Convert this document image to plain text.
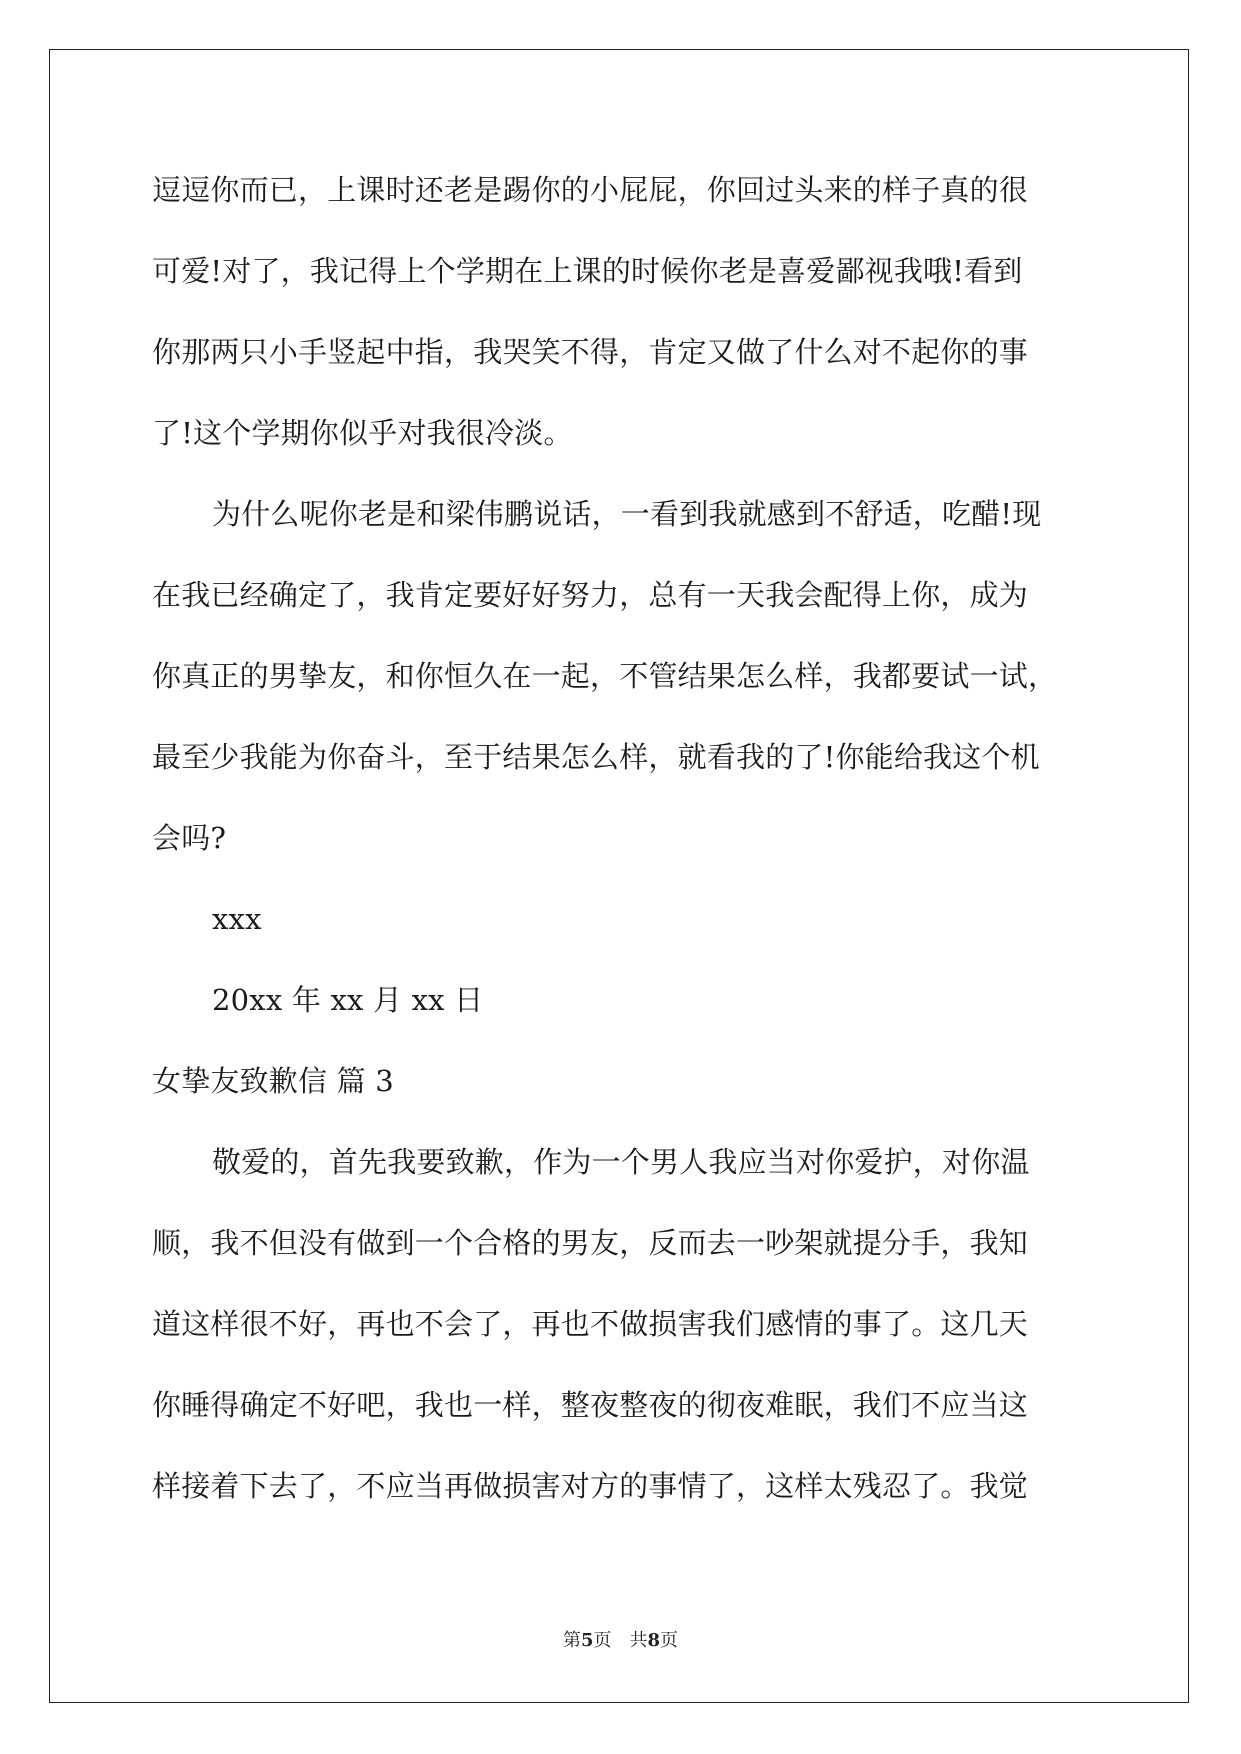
逗逗你而已，上课时还老是踢你的小屁屁，你回过头来的样子真的很
可爱!对了，我记得上个学期在上课的时候你老是喜爱鄙视我哦!看到
你那两只小手竖起中指，我哭笑不得，肯定又做了什么对不起你的事
了!这个学期你似乎对我很冷淡。
为什么呢你老是和梁伟鹏说话，一看到我就感到不舒适，吃醋!现
在我已经确定了，我肯定要好好努力，总有一天我会配得上你，成为
你真正的男挚友，和你恒久在一起，不管结果怎么样，我都要试一试，
最至少我能为你奋斗，至于结果怎么样，就看我的了!你能给我这个机
会吗?
xxx
20xx 年 xx 月 xx 日
女挚友致歉信 篇 3
敬爱的，首先我要致歉，作为一个男人我应当对你爱护，对你温
顺，我不但没有做到一个合格的男友，反而去一吵架就提分手，我知
道这样很不好，再也不会了，再也不做损害我们感情的事了。这几天
你睡得确定不好吧，我也一样，整夜整夜的彻夜难眠，我们不应当这
样接着下去了，不应当再做损害对方的事情了，这样太残忍了。我觉
第5页 共8页
